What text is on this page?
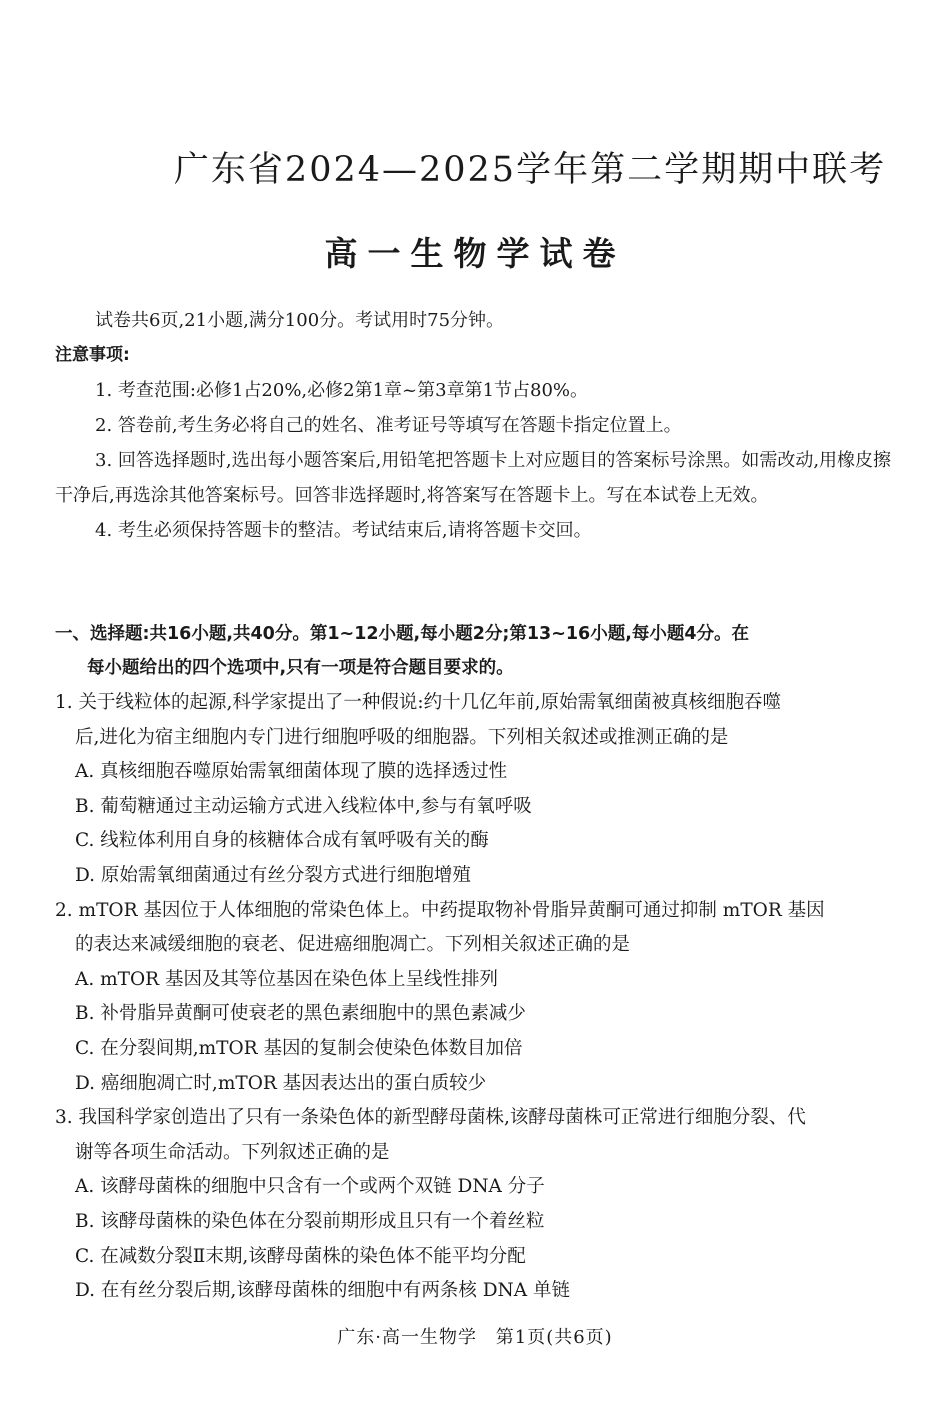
广东省2024—2025学年第二学期期中联考
高一生物学试卷
试卷共6页,21小题,满分100分。考试用时75分钟。
注意事项:
1. 考查范围:必修1占20%,必修2第1章~第3章第1节占80%。
2. 答卷前,考生务必将自己的姓名、准考证号等填写在答题卡指定位置上。
3. 回答选择题时,选出每小题答案后,用铅笔把答题卡上对应题目的答案标号涂黑。如需改动,用橡皮擦干净后,再选涂其他答案标号。回答非选择题时,将答案写在答题卡上。写在本试卷上无效。
4. 考生必须保持答题卡的整洁。考试结束后,请将答题卡交回。
一、选择题:共16小题,共40分。第1~12小题,每小题2分;第13~16小题,每小题4分。在
每小题给出的四个选项中,只有一项是符合题目要求的。
1. 关于线粒体的起源,科学家提出了一种假说:约十几亿年前,原始需氧细菌被真核细胞吞噬
后,进化为宿主细胞内专门进行细胞呼吸的细胞器。下列相关叙述或推测正确的是
A. 真核细胞吞噬原始需氧细菌体现了膜的选择透过性
B. 葡萄糖通过主动运输方式进入线粒体中,参与有氧呼吸
C. 线粒体利用自身的核糖体合成有氧呼吸有关的酶
D. 原始需氧细菌通过有丝分裂方式进行细胞增殖
2. mTOR 基因位于人体细胞的常染色体上。中药提取物补骨脂异黄酮可通过抑制 mTOR 基因
的表达来减缓细胞的衰老、促进癌细胞凋亡。下列相关叙述正确的是
A. mTOR 基因及其等位基因在染色体上呈线性排列
B. 补骨脂异黄酮可使衰老的黑色素细胞中的黑色素减少
C. 在分裂间期,mTOR 基因的复制会使染色体数目加倍
D. 癌细胞凋亡时,mTOR 基因表达出的蛋白质较少
3. 我国科学家创造出了只有一条染色体的新型酵母菌株,该酵母菌株可正常进行细胞分裂、代
谢等各项生命活动。下列叙述正确的是
A. 该酵母菌株的细胞中只含有一个或两个双链 DNA 分子
B. 该酵母菌株的染色体在分裂前期形成且只有一个着丝粒
C. 在减数分裂Ⅱ末期,该酵母菌株的染色体不能平均分配
D. 在有丝分裂后期,该酵母菌株的细胞中有两条核 DNA 单链
广东·高一生物学 第1页(共6页)
